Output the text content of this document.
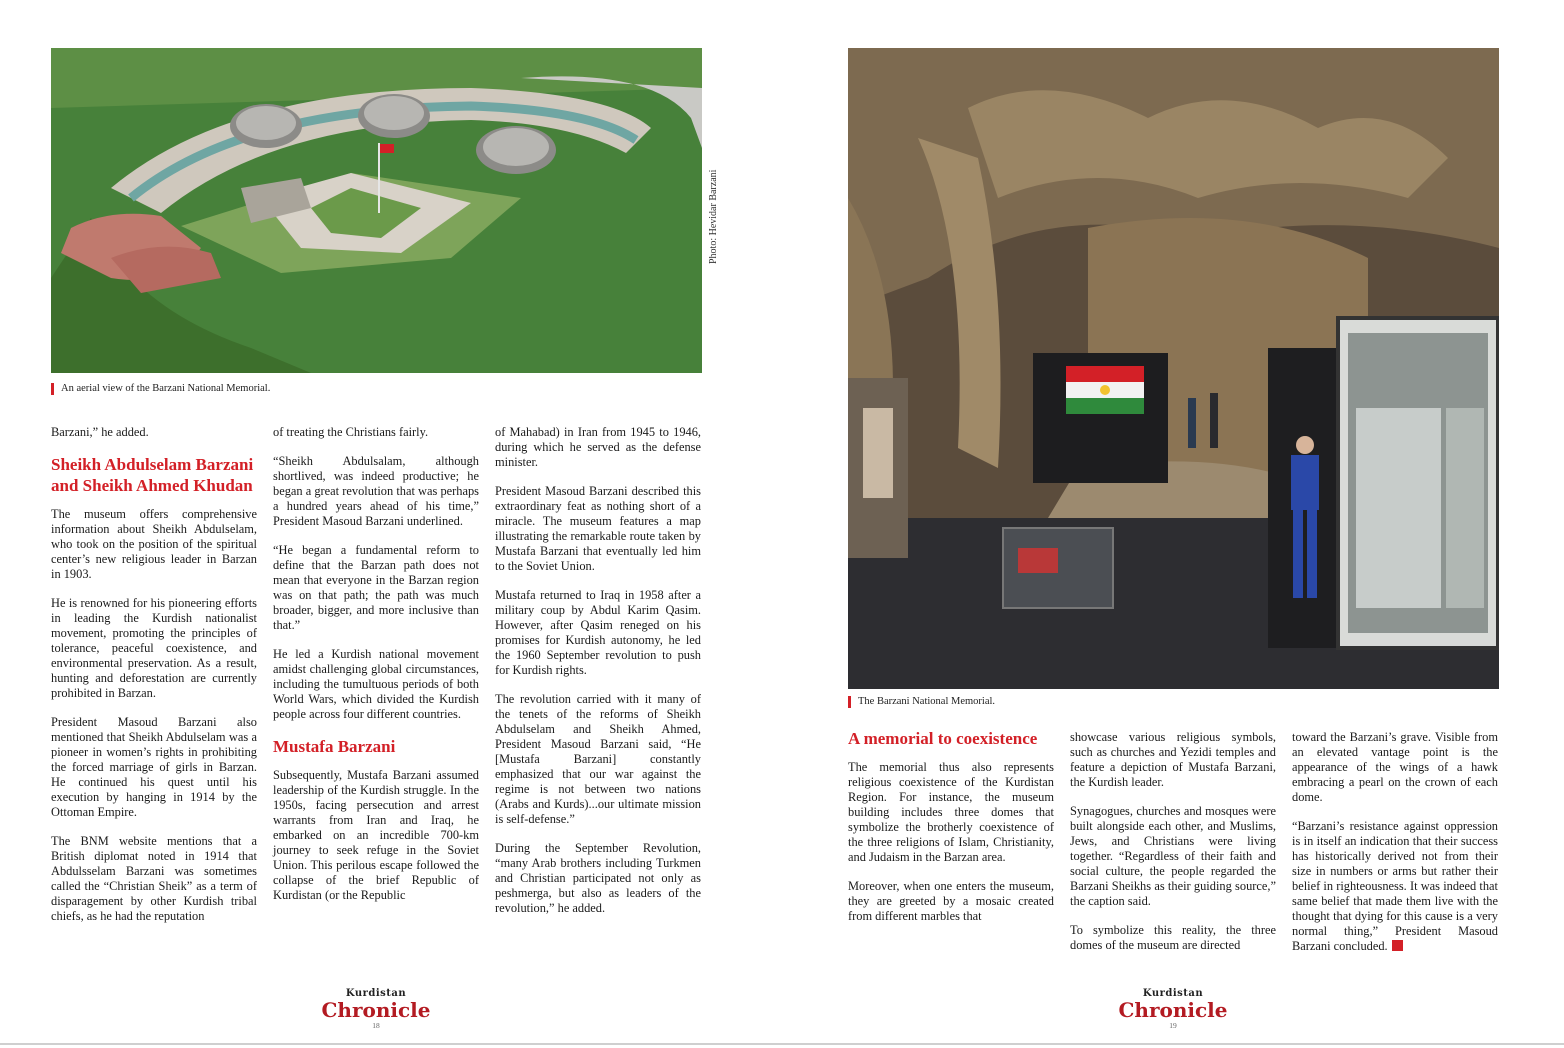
Photo: Hevidar Barzani
An aerial view of the Barzani National Memorial.

Barzani,” he added.

Sheikh Abdulselam Barzani and Sheikh Ahmed Khudan

The museum offers comprehensive information about Sheikh Abdulselam, who took on the position of the spiritual center’s new religious leader in Barzan in 1903.

He is renowned for his pioneering efforts in leading the Kurdish nationalist movement, promoting the principles of tolerance, peaceful coexistence, and environmental preservation. As a result, hunting and deforestation are currently prohibited in Barzan.

President Masoud Barzani also mentioned that Sheikh Abdulselam was a pioneer in women’s rights in prohibiting the forced marriage of girls in Barzan. He continued his quest until his execution by hanging in 1914 by the Ottoman Empire.

The BNM website mentions that a British diplomat noted in 1914 that Abdulsselam Barzani was sometimes called the “Christian Sheik” as a term of disparagement by other Kurdish tribal chiefs, as he had the reputation

of treating the Christians fairly.

“Sheikh Abdulsalam, although shortlived, was indeed productive; he began a great revolution that was perhaps a hundred years ahead of his time,” President Masoud Barzani underlined.

“He began a fundamental reform to define that the Barzan path does not mean that everyone in the Barzan region was on that path; the path was much broader, bigger, and more inclusive than that.”

He led a Kurdish national movement amidst challenging global circumstances, including the tumultuous periods of both World Wars, which divided the Kurdish people across four different countries.

Mustafa Barzani

Subsequently, Mustafa Barzani assumed leadership of the Kurdish struggle. In the 1950s, facing persecution and arrest warrants from Iran and Iraq, he embarked on an incredible 700-km journey to seek refuge in the Soviet Union. This perilous escape followed the collapse of the brief Republic of Kurdistan (or the Republic

of Mahabad) in Iran from 1945 to 1946, during which he served as the defense minister.

President Masoud Barzani described this extraordinary feat as nothing short of a miracle. The museum features a map illustrating the remarkable route taken by Mustafa Barzani that eventually led him to the Soviet Union.

Mustafa returned to Iraq in 1958 after a military coup by Abdul Karim Qasim. However, after Qasim reneged on his promises for Kurdish autonomy, he led the 1960 September revolution to push for Kurdish rights.

The revolution carried with it many of the tenets of the reforms of Sheikh Abdulselam and Sheikh Ahmed, President Masoud Barzani said, “He [Mustafa Barzani] constantly emphasized that our war against the regime is not between two nations (Arabs and Kurds)...our ultimate mission is self-defense.”

During the September Revolution, “many Arab brothers including Turkmen and Christian participated not only as peshmerga, but also as leaders of the revolution,” he added.

Kurdistan
Chronicle
18
The Barzani National Memorial.
A memorial to coexistence

The memorial thus also represents religious coexistence of the Kurdistan Region. For instance, the museum building includes three domes that symbolize the brotherly coexistence of the three religions of Islam, Christianity, and Judaism in the Barzan area.

Moreover, when one enters the museum, they are greeted by a mosaic created from different marbles that

showcase various religious symbols, such as churches and Yezidi temples and feature a depiction of Mustafa Barzani, the Kurdish leader.

Synagogues, churches and mosques were built alongside each other, and Muslims, Jews, and Christians were living together. “Regardless of their faith and social culture, the people regarded the Barzani Sheikhs as their guiding source,” the caption said.

To symbolize this reality, the three domes of the museum are directed

toward the Barzani’s grave. Visible from an elevated vantage point is the appearance of the wings of a hawk embracing a pearl on the crown of each dome.

“Barzani’s resistance against oppression is in itself an indication that their success has historically derived not from their size in numbers or arms but rather their belief in righteousness. It was indeed that same belief that made them live with the thought that dying for this cause is a very normal thing,” President Masoud Barzani concluded.

Kurdistan
Chronicle
19
